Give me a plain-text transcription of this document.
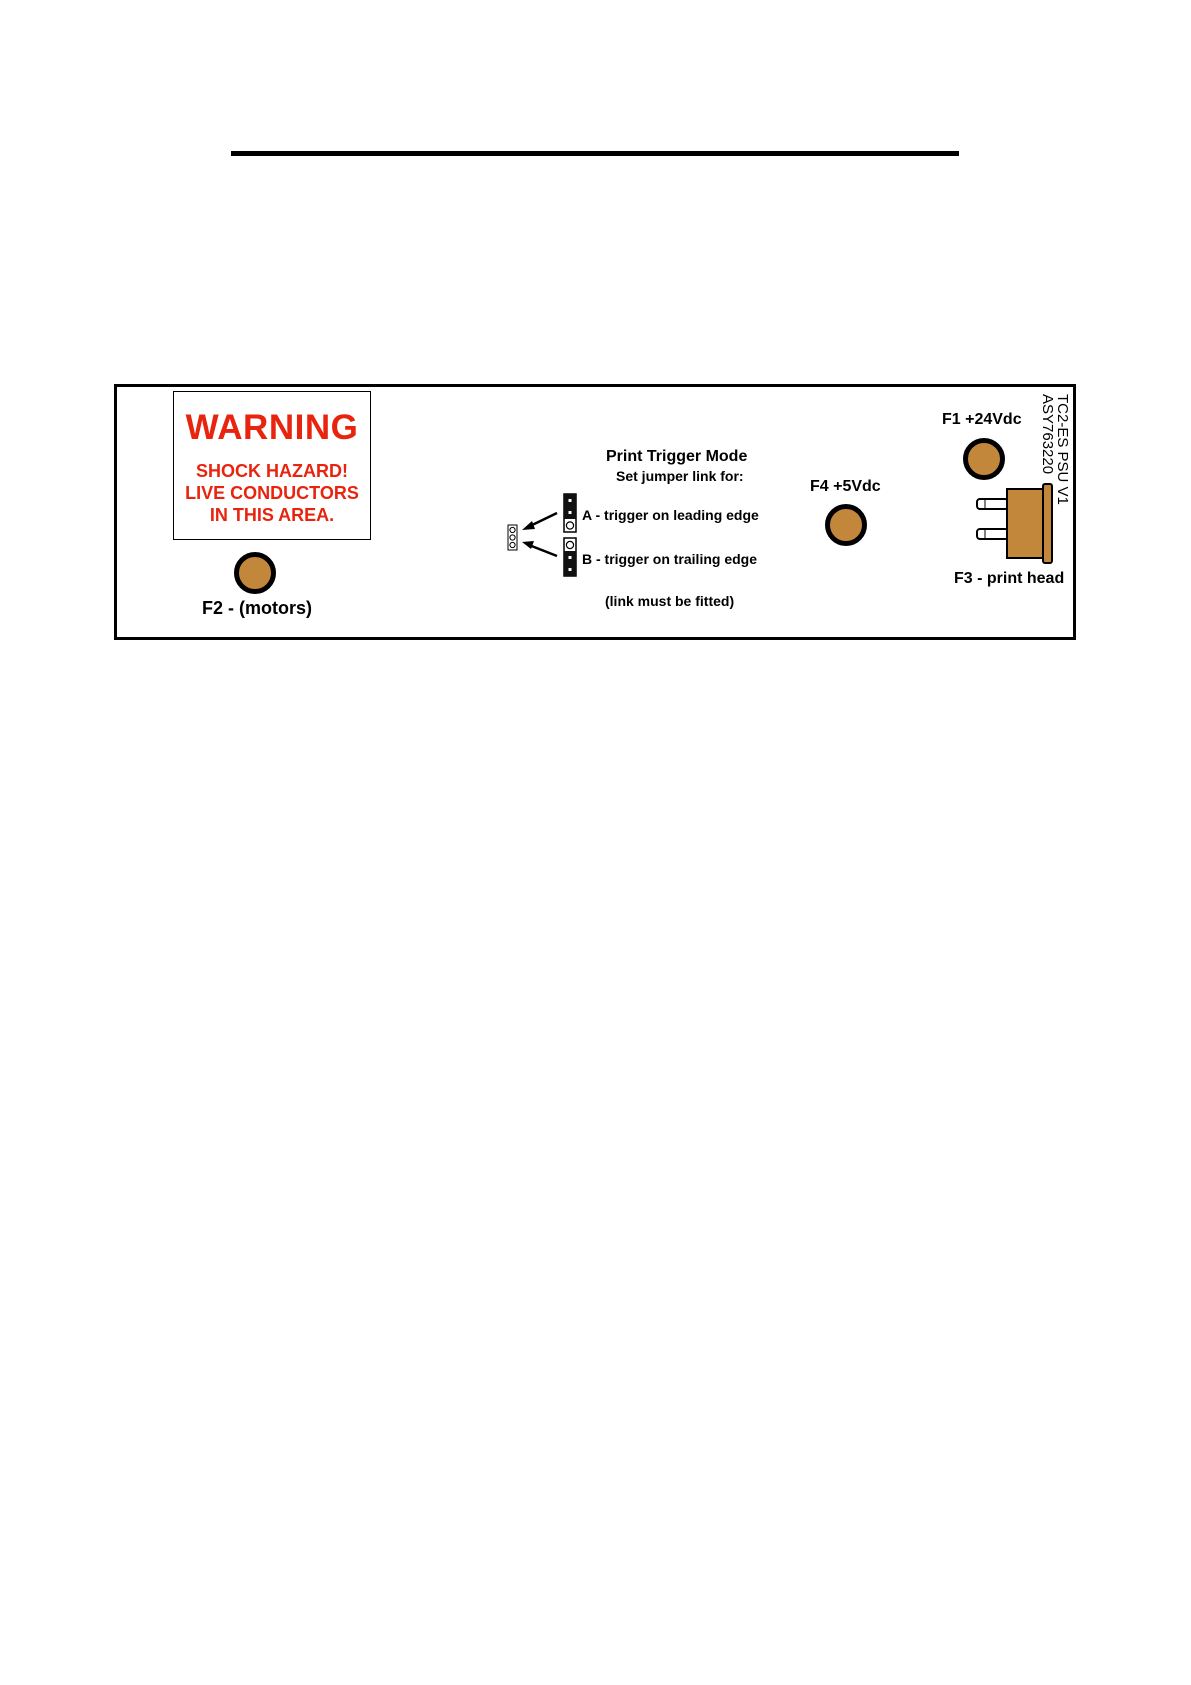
WARNING
SHOCK HAZARD!
LIVE CONDUCTORS
IN THIS AREA.
F2 - (motors)
Print Trigger Mode
Set jumper link for:
A - trigger on leading edge
B - trigger on trailing edge
(link must be fitted)
F4 +5Vdc
F1 +24Vdc
F3 - print head
TC2-ES PSU V1
ASY763220
